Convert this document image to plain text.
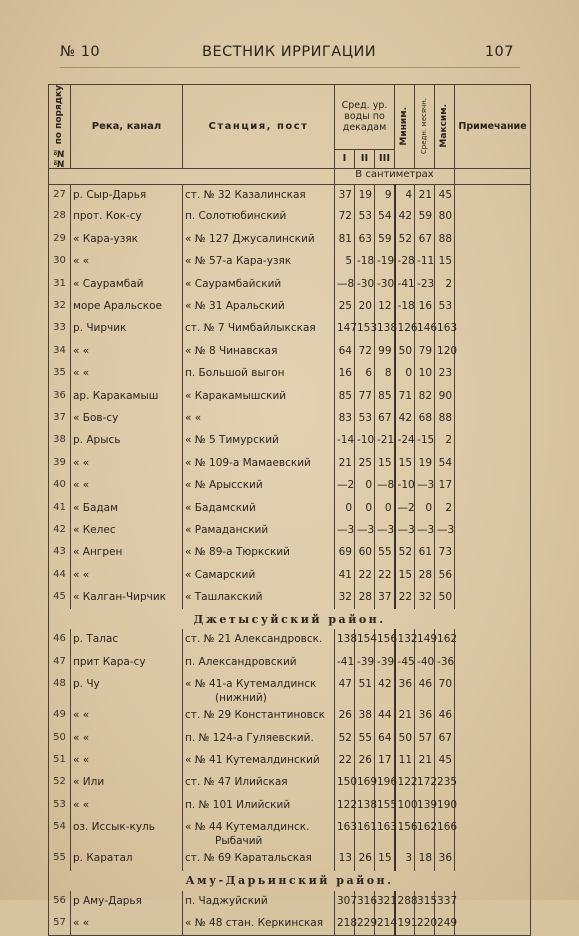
№ 10	ВЕСТНИК ИРРИГАЦИИ	107
№№ по порядку	Река, канал	Станция, пост	Сред. ур. воды по декадам			Миним.	Средн. месячн.	Максим.	Примечание
			I	II	III				
			В сантиметрах						
27	р. Сыр-Дарья	ст. № 32 Казалинская	37	19	9	4	21	45	
28	прот. Кок-су	п. Солотюбинский	72	53	54	42	59	80	
29	« Кара-узяк	« № 127 Джусалинский	81	63	59	52	67	88	
30	« «	« № 57-а Кара-узяк	5	-18	-19	-28	-11	15	
31	« Саурамбай	« Саурамбайский	—8	-30	-30	-41	-23	2	
32	море Аральское	« № 31 Аральский	25	20	12	-18	16	53	
33	р. Чирчик	ст. № 7 Чимбайлыкская	147	153	138	126	146	163	
34	« «	« № 8 Чинавская	64	72	99	50	79	120	
35	« «	п. Большой выгон	16	6	8	0	10	23	
36	ар. Каракамыш	« Каракамышский	85	77	85	71	82	90	
37	« Бов-су	« «	83	53	67	42	68	88	
38	р. Арысь	« № 5 Тимурский	-14	-10	-21	-24	-15	2	
39	« «	« № 109-а Мамаевский	21	25	15	15	19	54	
40	« «	« № Арысский	—2	0	—8	-10	—3	17	
41	« Бадам	« Бадамский	0	0	0	—2	0	2	
42	« Келес	« Рамаданский	—3	—3	—3	—3	—3	—3	
43	« Ангрен	« № 89-а Тюркский	69	60	55	52	61	73	
44	« «	« Самарский	41	22	22	15	28	56	
45	« Калган-Чирчик	« Ташлакский	32	28	37	22	32	50	
Джетысуйский район.									
46	р. Талас	ст. № 21 Александровск.	138	154	156	132	149	162	
47	прит Кара-су	п. Александровский	-41	-39	-39	-45	-40	-36	
48	р. Чу	« № 41-а Кутемалдинск
(нижний)	47	51	42	36	46	70	
49	« «	ст. № 29 Константиновск	26	38	44	21	36	46	
50	« «	п. № 124-а Гуляевский.	52	55	64	50	57	67	
51	« «	« № 41 Кутемалдинский	22	26	17	11	21	45	
52	« Или	ст. № 47 Илийская	150	169	196	122	172	235	
53	« «	п. № 101 Илийский	122	138	155	100	139	190	
54	оз. Иссык-куль	« № 44 Кутемалдинск.
Рыбачий	163	161	163	156	162	166	
55	р. Каратал	ст. № 69 Каратальская	13	26	15	3	18	36	
Аму-Дарьинский район.									
56	р Аму-Дарья	п. Чаджуйский	307	316	321	288	315	337	
57	« «	« № 48 стан. Керкинская	218	229	214	191	220	249	
